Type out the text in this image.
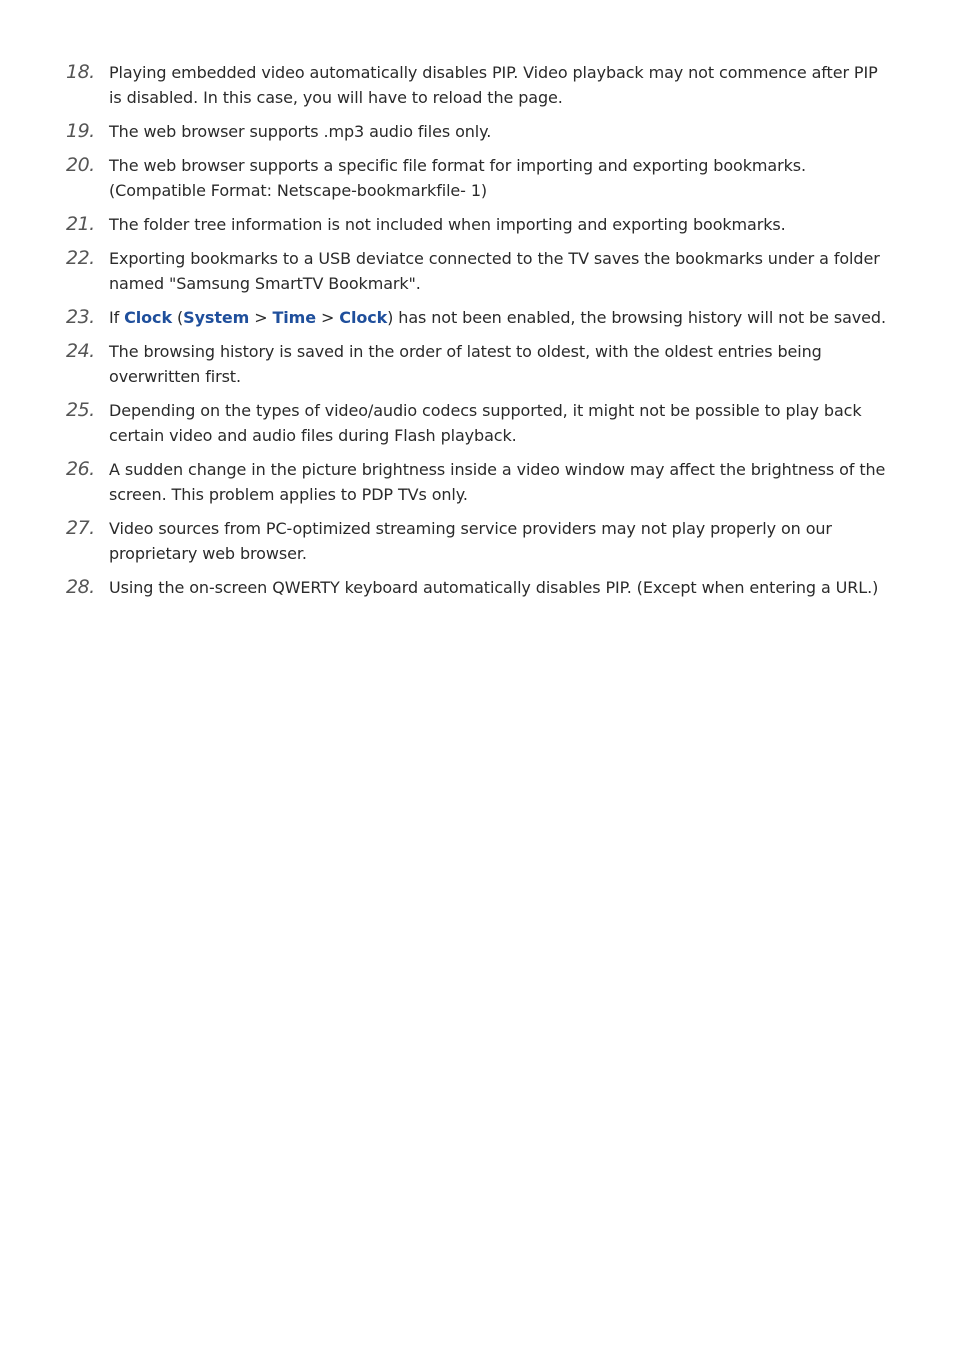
18. Playing embedded video automatically disables PIP. Video playback may not commence after PIP is disabled. In this case, you will have to reload the page.
19. The web browser supports .mp3 audio files only.
20. The web browser supports a specific file format for importing and exporting bookmarks. (Compatible Format: Netscape-bookmarkfile- 1)
21. The folder tree information is not included when importing and exporting bookmarks.
22. Exporting bookmarks to a USB deviatce connected to the TV saves the bookmarks under a folder named "Samsung SmartTV Bookmark".
23. If Clock (System > Time > Clock) has not been enabled, the browsing history will not be saved.
24. The browsing history is saved in the order of latest to oldest, with the oldest entries being overwritten first.
25. Depending on the types of video/audio codecs supported, it might not be possible to play back certain video and audio files during Flash playback.
26. A sudden change in the picture brightness inside a video window may affect the brightness of the screen. This problem applies to PDP TVs only.
27. Video sources from PC-optimized streaming service providers may not play properly on our proprietary web browser.
28. Using the on-screen QWERTY keyboard automatically disables PIP. (Except when entering a URL.)
